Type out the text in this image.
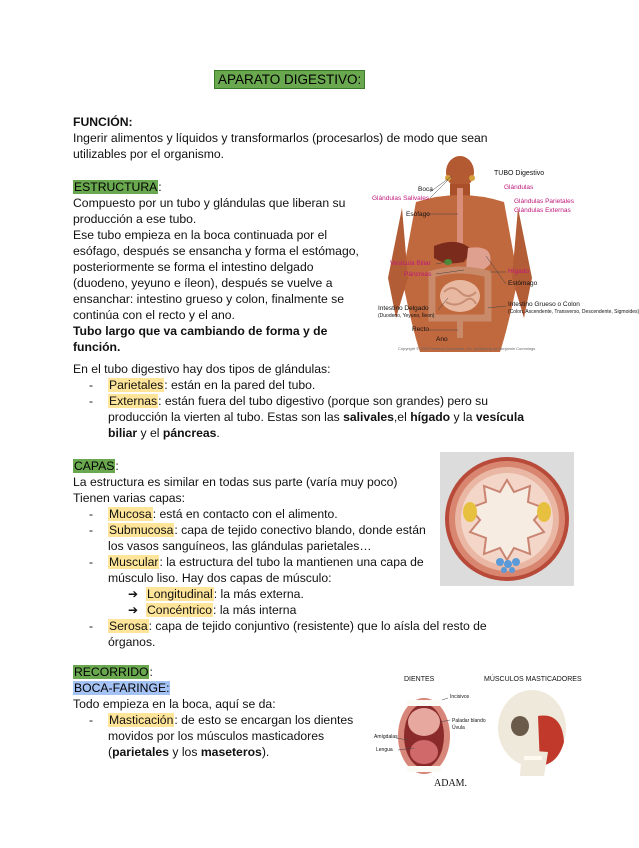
APARATO DIGESTIVO:
FUNCIÓN:
Ingerir alimentos y líquidos y transformarlos (procesarlos) de modo que sean
utilizables por el organismo.
ESTRUCTURA:
Compuesto por un tubo y glándulas que liberan su
producción a ese tubo.
Ese tubo empieza en la boca continuada por el
esófago, después se ensancha y forma el estómago,
posteriormente se forma el intestino delgado
(duodeno, yeyuno e íleon), después se vuelve a
ensanchar: intestino grueso y colon, finalmente se
continúa con el recto y el ano.
Tubo largo que va cambiando de forma y de
función.
TUBO Digestivo
Glándulas
Glándulas Parietales
Glándulas Externas
Hígado
Estómago
Intestino Grueso o Colon
(Colon, Ascendente, Transverso, Descendente, Sigmoides)
Boca
Glándulas Salivales
Esófago
Vesícula Biliar
Páncreas
Intestino Delgado
(Duodeno, Yeyuno, Íleon)
Recto
Ano
Copyright © 2003 Pearson Education, Inc. publishing as Benjamin Cummings
En el tubo digestivo hay dos tipos de glándulas:
- Parietales: están en la pared del tubo.
- Externas: están fuera del tubo digestivo (porque son grandes) pero su
producción la vierten al tubo. Estas son las salivales,el hígado y la vesícula
biliar y el páncreas.
CAPAS:
La estructura es similar en todas sus parte (varía muy poco)
Tienen varias capas:
- Mucosa: está en contacto con el alimento.
- Submucosa: capa de tejido conectivo blando, donde están
los vasos sanguíneos, las glándulas parietales…
- Muscular: la estructura del tubo la mantienen una capa de
músculo liso. Hay dos capas de músculo:
➔ Longitudinal: la más externa.
➔ Concéntrico: la más interna
- Serosa: capa de tejido conjuntivo (resistente) que lo aísla del resto de
órganos.
RECORRIDO:
BOCA-FARINGE:
Todo empieza en la boca, aquí se da:
- Masticación: de esto se encargan los dientes
movidos por los músculos masticadores
(parietales y los maseteros).
DIENTES	MÚSCULOS MASTICADORES
Incisivos
Paladar blando
Úvula
Amígdalas
Lengua
ADAM.
